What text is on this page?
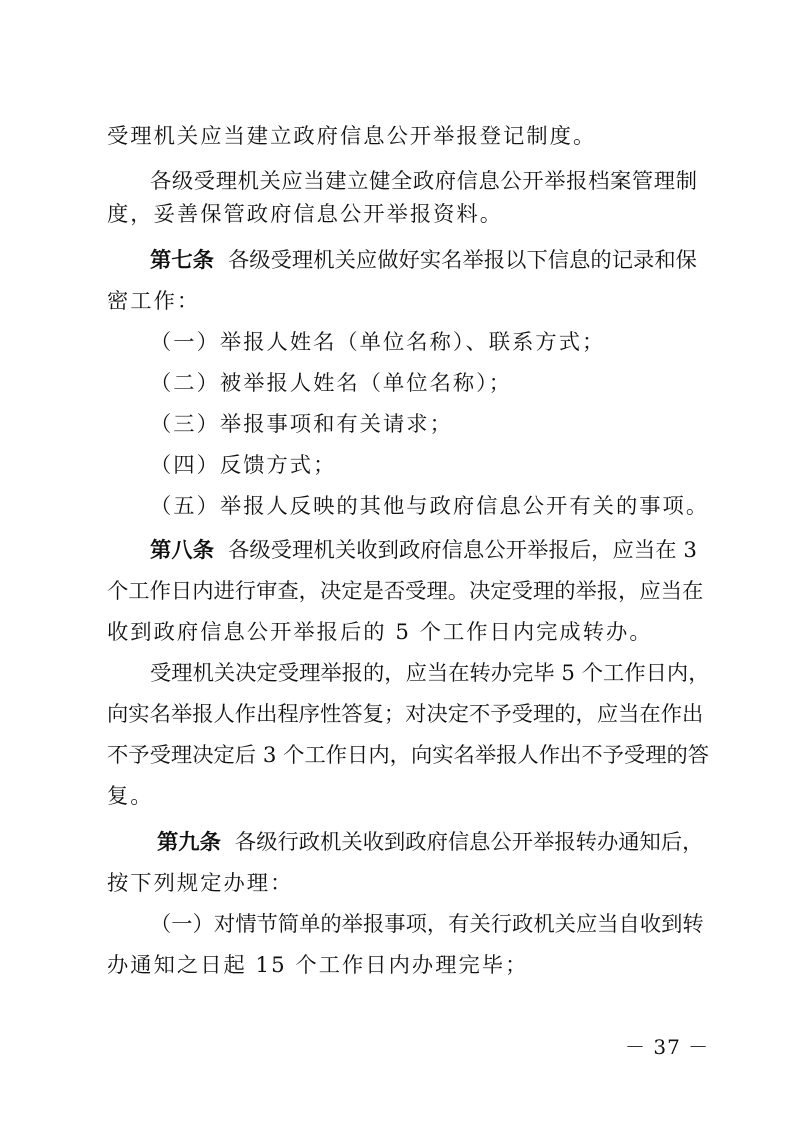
受理机关应当建立政府信息公开举报登记制度。
各级受理机关应当建立健全政府信息公开举报档案管理制
度，妥善保管政府信息公开举报资料。
第七条 各级受理机关应做好实名举报以下信息的记录和保
密工作：
（一）举报人姓名（单位名称）、联系方式；
（二）被举报人姓名（单位名称）；
（三）举报事项和有关请求；
（四）反馈方式；
（五）举报人反映的其他与政府信息公开有关的事项。
第八条 各级受理机关收到政府信息公开举报后，应当在 3
个工作日内进行审查，决定是否受理。决定受理的举报，应当在
收到政府信息公开举报后的 5 个工作日内完成转办。
受理机关决定受理举报的，应当在转办完毕 5 个工作日内，
向实名举报人作出程序性答复；对决定不予受理的，应当在作出
不予受理决定后 3 个工作日内，向实名举报人作出不予受理的答
复。
第九条 各级行政机关收到政府信息公开举报转办通知后，
按下列规定办理：
（一）对情节简单的举报事项，有关行政机关应当自收到转
办通知之日起 15 个工作日内办理完毕；
－ 37 －
